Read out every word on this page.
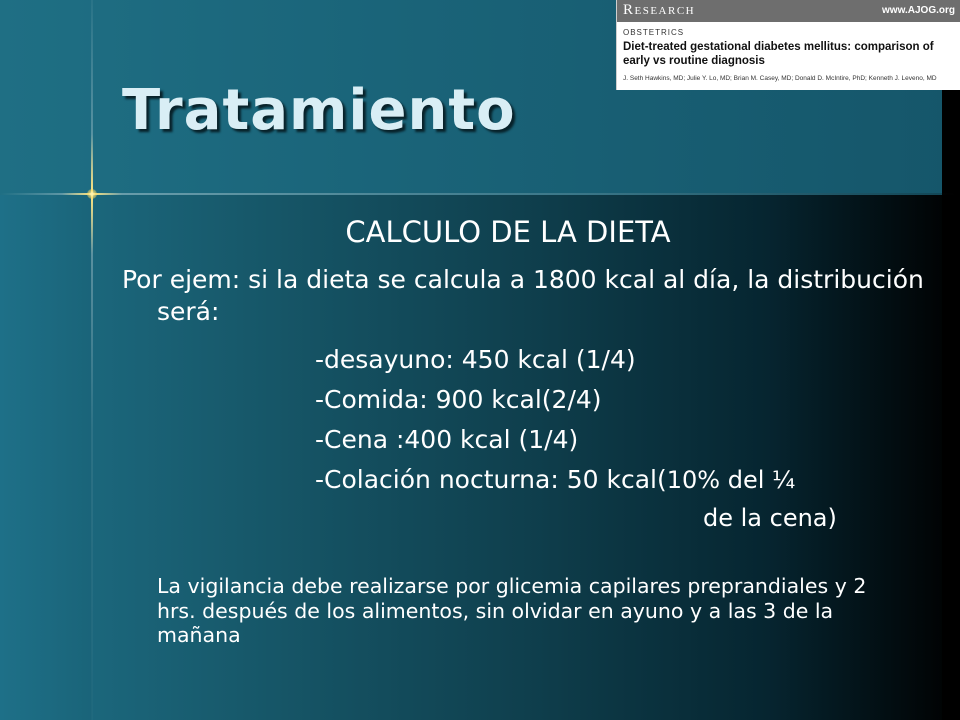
Research	www.AJOG.org
OBSTETRICS
Diet-treated gestational diabetes mellitus: comparison of early vs routine diagnosis
J. Seth Hawkins, MD; Julie Y. Lo, MD; Brian M. Casey, MD; Donald D. McIntire, PhD; Kenneth J. Leveno, MD
Tratamiento
CALCULO DE LA DIETA
Por ejem: si la dieta se calcula a 1800 kcal al día, la distribución será:
-desayuno: 450 kcal (1/4)
-Comida: 900 kcal(2/4)
-Cena :400 kcal (1/4)
-Colación nocturna: 50 kcal(10% del ¼
de la cena)
La vigilancia debe realizarse por glicemia capilares preprandiales y 2 hrs. después de los alimentos, sin olvidar en ayuno y a las 3 de la mañana
